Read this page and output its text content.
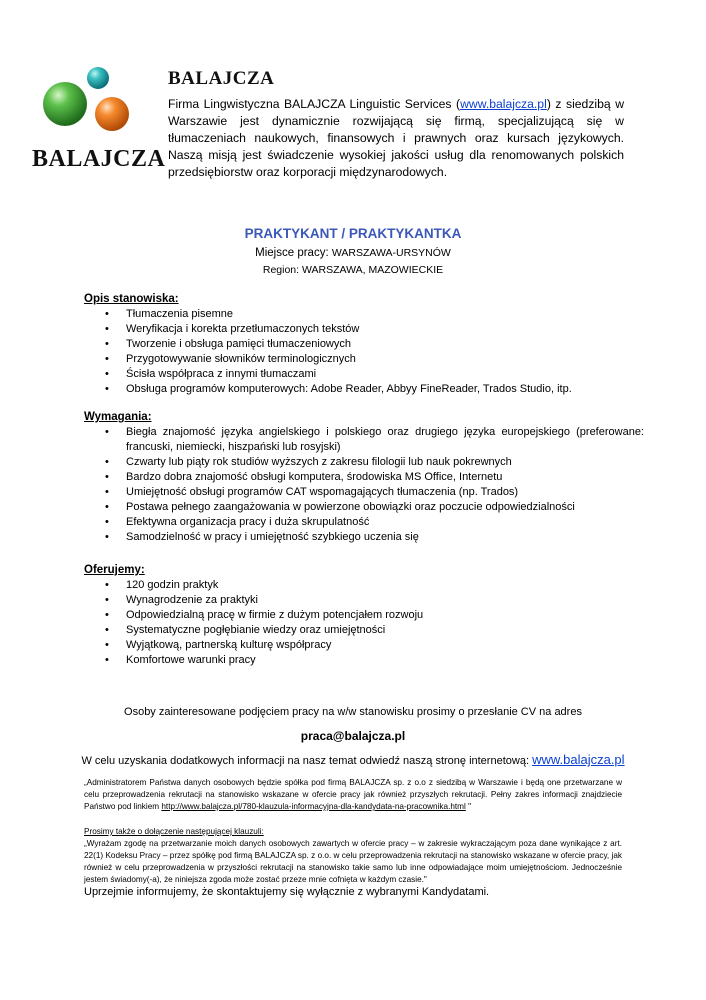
BALAJCZA
BALAJCZA
Firma Lingwistyczna BALAJCZA Linguistic Services (www.balajcza.pl) z siedzibą w Warszawie jest dynamicznie rozwijającą się firmą, specjalizującą się w tłumaczeniach naukowych, finansowych i prawnych oraz kursach językowych. Naszą misją jest świadczenie wysokiej jakości usług dla renomowanych polskich przedsiębiorstw oraz korporacji międzynarodowych.
PRAKTYKANT / PRAKTYKANTKA
Miejsce pracy: WARSZAWA-URSYNÓW
Region: WARSZAWA, MAZOWIECKIE
Opis stanowiska:
• Tłumaczenia pisemne
• Weryfikacja i korekta przetłumaczonych tekstów
• Tworzenie i obsługa pamięci tłumaczeniowych
• Przygotowywanie słowników terminologicznych
• Ścisła współpraca z innymi tłumaczami
• Obsługa programów komputerowych: Adobe Reader, Abbyy FineReader, Trados Studio, itp.
Wymagania:
• Biegła znajomość języka angielskiego i polskiego oraz drugiego języka europejskiego (preferowane: francuski, niemiecki, hiszpański lub rosyjski)
• Czwarty lub piąty rok studiów wyższych z zakresu filologii lub nauk pokrewnych
• Bardzo dobra znajomość obsługi komputera, środowiska MS Office, Internetu
• Umiejętność obsługi programów CAT wspomagających tłumaczenia (np. Trados)
• Postawa pełnego zaangażowania w powierzone obowiązki oraz poczucie odpowiedzialności
• Efektywna organizacja pracy i duża skrupulatność
• Samodzielność w pracy i umiejętność szybkiego uczenia się
Oferujemy:
• 120 godzin praktyk
• Wynagrodzenie za praktyki
• Odpowiedzialną pracę w firmie z dużym potencjałem rozwoju
• Systematyczne pogłębianie wiedzy oraz umiejętności
• Wyjątkową, partnerską kulturę współpracy
• Komfortowe warunki pracy
Osoby zainteresowane podjęciem pracy na w/w stanowisku prosimy o przesłanie CV na adres
praca@balajcza.pl
W celu uzyskania dodatkowych informacji na nasz temat odwiedź naszą stronę internetową: www.balajcza.pl
„Administratorem Państwa danych osobowych będzie spółka pod firmą BALAJCZA sp. z o.o z siedzibą w Warszawie i będą one przetwarzane w celu przeprowadzenia rekrutacji na stanowisko wskazane w ofercie pracy jak również przyszłych rekrutacji. Pełny zakres informacji znajdziecie Państwo pod linkiem http://www.balajcza.pl/780-klauzula-informacyjna-dla-kandydata-na-pracownika.html "
Prosimy także o dołączenie następującej klauzuli:
„Wyrażam zgodę na przetwarzanie moich danych osobowych zawartych w ofercie pracy – w zakresie wykraczającym poza dane wynikające z art. 22(1) Kodeksu Pracy – przez spółkę pod firmą BALAJCZA sp. z o.o. w celu przeprowadzenia rekrutacji na stanowisko wskazane w ofercie pracy, jak również w celu przeprowadzenia w przyszłości rekrutacji na stanowisko takie samo lub inne odpowiadające moim umiejętnościom. Jednocześnie jestem świadomy(-a), że niniejsza zgoda może zostać przeze mnie cofnięta w każdym czasie."
Uprzejmie informujemy, że skontaktujemy się wyłącznie z wybranymi Kandydatami.
